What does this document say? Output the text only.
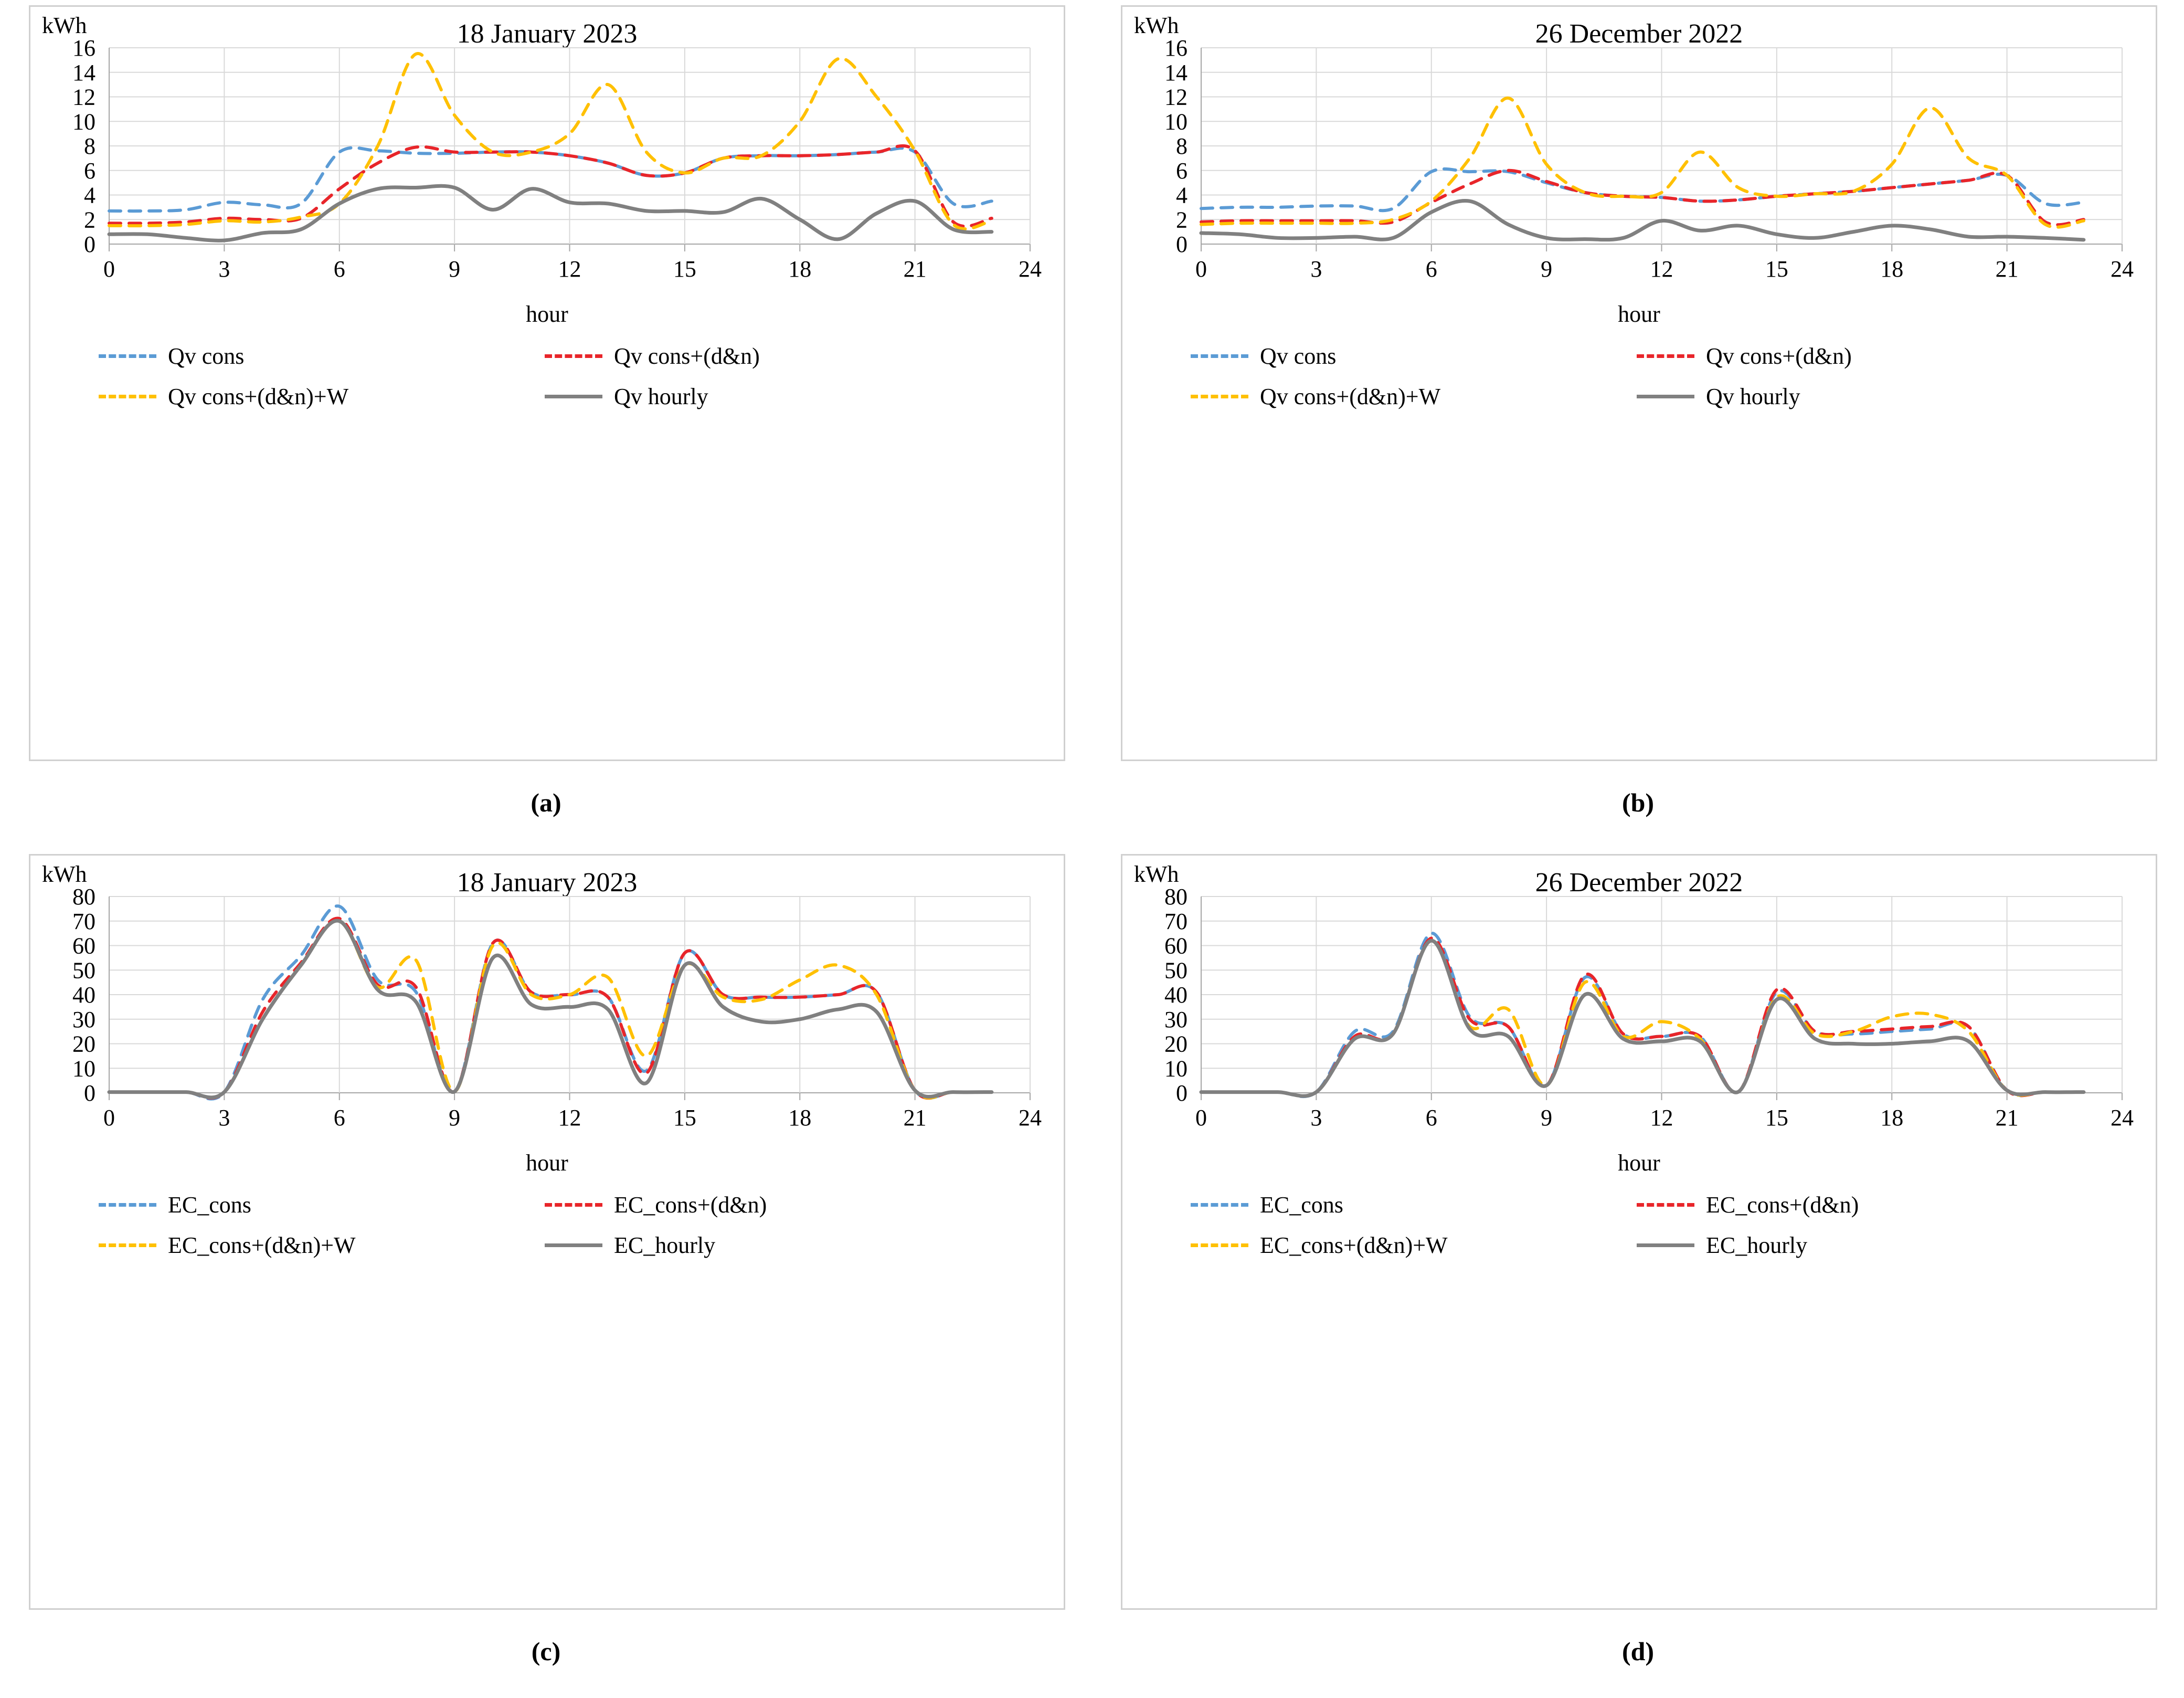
kWh	18 January 2023
0
2
4
6
8
10
12
14
16
0	3	6	9	12	15	18	21	24
hour
Qv cons	Qv cons+(d&n)
Qv cons+(d&n)+W	Qv hourly
(a)
kWh	26 December 2022
0
2
4
6
8
10
12
14
16
0	3	6	9	12	15	18	21	24
hour
Qv cons	Qv cons+(d&n)
Qv cons+(d&n)+W	Qv hourly
(b)
kWh	18 January 2023
0
10
20
30
40
50
60
70
80
0	3	6	9	12	15	18	21	24
hour
EC_cons	EC_cons+(d&n)
EC_cons+(d&n)+W	EC_hourly
(c)
kWh	26 December 2022
0
10
20
30
40
50
60
70
80
0	3	6	9	12	15	18	21	24
hour
EC_cons	EC_cons+(d&n)
EC_cons+(d&n)+W	EC_hourly
(d)
